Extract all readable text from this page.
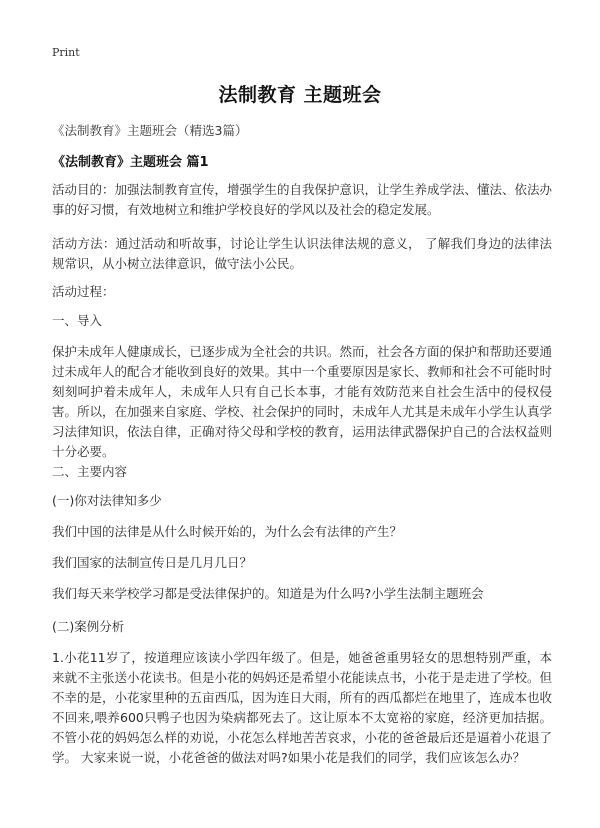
Print
法制教育 主题班会
《法制教育》主题班会（精选3篇）
《法制教育》主题班会 篇1

活动目的：加强法制教育宣传，增强学生的自我保护意识，让学生养成学法、懂法、依法办事的好习惯，有效地树立和维护学校良好的学风以及社会的稳定发展。

活动方法：通过活动和听故事，讨论让学生认识法律法规的意义， 了解我们身边的法律法规常识，从小树立法律意识，做守法小公民。

活动过程：

一、导入

保护未成年人健康成长，已逐步成为全社会的共识。然而，社会各方面的保护和帮助还要通过未成年人的配合才能收到良好的效果。其中一个重要原因是家长、教师和社会不可能时时刻刻呵护着未成年人，未成年人只有自己长本事，才能有效防范来自社会生活中的侵权侵害。所以，在加强来自家庭、学校、社会保护的同时，未成年人尤其是未成年小学生认真学习法律知识，依法自律，正确对待父母和学校的教育，运用法律武器保护自己的合法权益则十分必要。

二、主要内容

(一)你对法律知多少

我们中国的法律是从什么时候开始的，为什么会有法律的产生？

我们国家的法制宣传日是几月几日？

我们每天来学校学习都是受法律保护的。知道是为什么吗?小学生法制主题班会

(二)案例分析

1.小花11岁了，按道理应该读小学四年级了。但是，她爸爸重男轻女的思想特别严重，本来就不主张送小花读书。但是小花的妈妈还是希望小花能读点书，小花于是走进了学校。但不幸的是，小花家里种的五亩西瓜，因为连日大雨，所有的西瓜都烂在地里了，连成本也收不回来,喂养600只鸭子也因为染病都死去了。这让原本不太宽裕的家庭，经济更加拮据。不管小花的妈妈怎么样的劝说，小花怎么样地苦苦哀求，小花的爸爸最后还是逼着小花退了学。 大家来说一说，小花爸爸的做法对吗?如果小花是我们的同学，我们应该怎么办？
